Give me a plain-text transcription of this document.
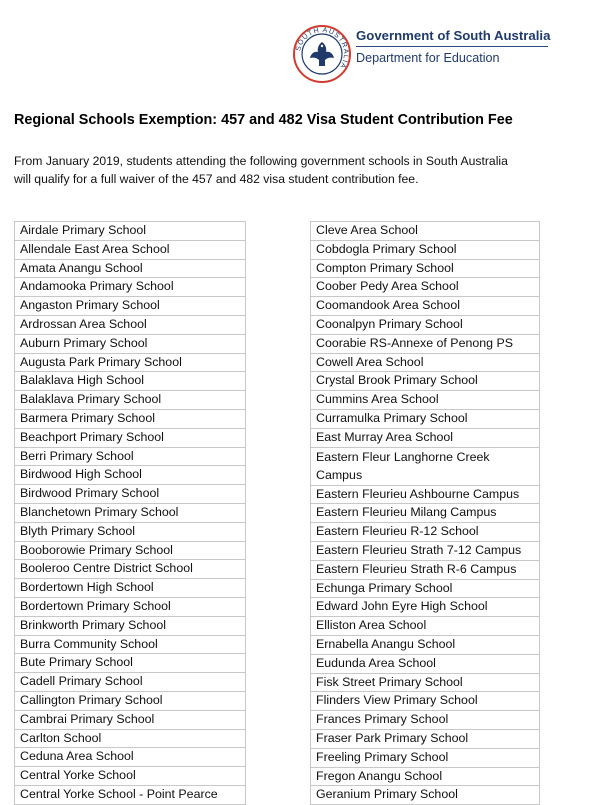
SOUTH AUSTRALIA
Government of South Australia
Department for Education
Regional Schools Exemption: 457 and 482 Visa Student Contribution Fee
From January 2019, students attending the following government schools in South Australia
will qualify for a full waiver of the 457 and 482 visa student contribution fee.
Airdale Primary School
Allendale East Area School
Amata Anangu School
Andamooka Primary School
Angaston Primary School
Ardrossan Area School
Auburn Primary School
Augusta Park Primary School
Balaklava High School
Balaklava Primary School
Barmera Primary School
Beachport Primary School
Berri Primary School
Birdwood High School
Birdwood Primary School
Blanchetown Primary School
Blyth Primary School
Booborowie Primary School
Booleroo Centre District School
Bordertown High School
Bordertown Primary School
Brinkworth Primary School
Burra Community School
Bute Primary School
Cadell Primary School
Callington Primary School
Cambrai Primary School
Carlton School
Ceduna Area School
Central Yorke School
Central Yorke School - Point Pearce
Cleve Area School
Cobdogla Primary School
Compton Primary School
Coober Pedy Area School
Coomandook Area School
Coonalpyn Primary School
Coorabie RS-Annexe of Penong PS
Cowell Area School
Crystal Brook Primary School
Cummins Area School
Curramulka Primary School
East Murray Area School
Eastern Fleur Langhorne Creek Campus
Eastern Fleurieu Ashbourne Campus
Eastern Fleurieu Milang Campus
Eastern Fleurieu R-12 School
Eastern Fleurieu Strath 7-12 Campus
Eastern Fleurieu Strath R-6 Campus
Echunga Primary School
Edward John Eyre High School
Elliston Area School
Ernabella Anangu School
Eudunda Area School
Fisk Street Primary School
Flinders View Primary School
Frances Primary School
Fraser Park Primary School
Freeling Primary School
Fregon Anangu School
Geranium Primary School
